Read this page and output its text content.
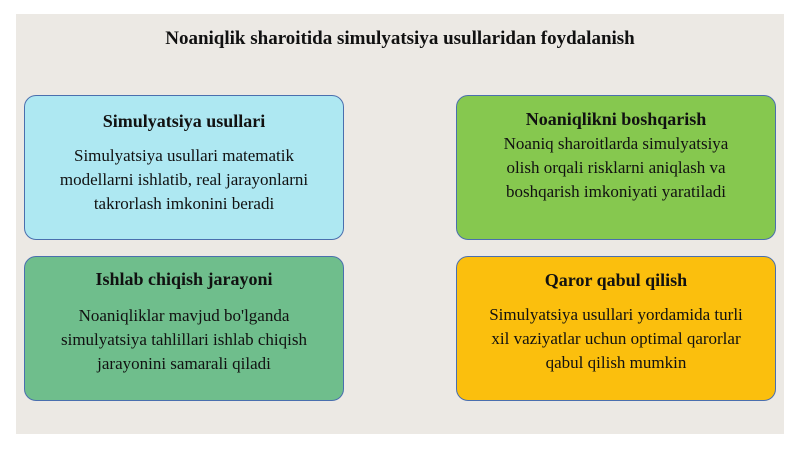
Noaniqlik sharoitida simulyatsiya usullaridan foydalanish
Simulyatsiya usullari
Simulyatsiya usullari matematik
modellarni ishlatib, real jarayonlarni
takrorlash imkonini beradi
Noaniqlikni boshqarish
Noaniq sharoitlarda simulyatsiya
olish orqali risklarni aniqlash va
boshqarish imkoniyati yaratiladi
Ishlab chiqish jarayoni
Noaniqliklar mavjud bo'lganda
simulyatsiya tahlillari ishlab chiqish
jarayonini samarali qiladi
Qaror qabul qilish
Simulyatsiya usullari yordamida turli
xil vaziyatlar uchun optimal qarorlar
qabul qilish mumkin
